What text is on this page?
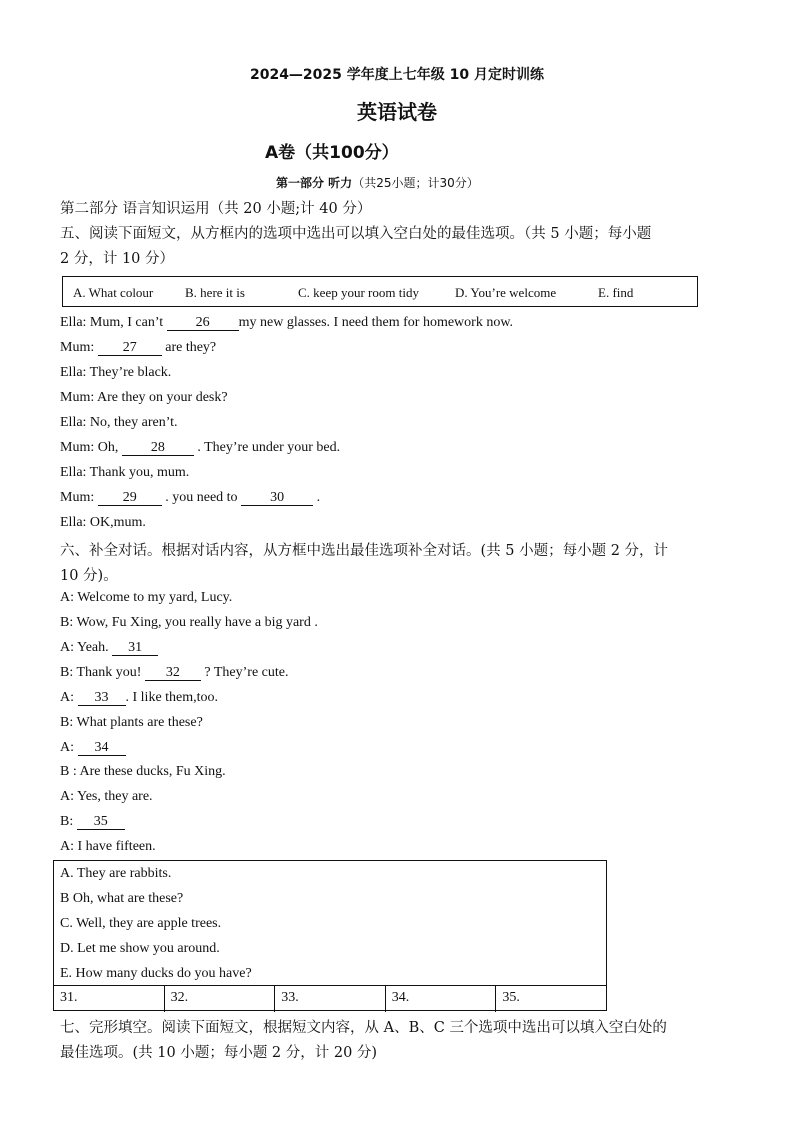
2024—2025 学年度上七年级 10 月定时训练
英语试卷
A卷（共100分）
第一部分 听力（共25小题；计30分）
第二部分 语言知识运用（共 20 小题;计 40 分）
五、阅读下面短文，从方框内的选项中选出可以填入空白处的最佳选项。（共 5 小题；每小题
2 分，计 10 分）
A. What colour B. here it is	C. keep your room tidy	D. You’re welcome	E. find
Ella: Mum, I can’t 26 my new glasses. I need them for homework now.
Mum: 27 are they?
Ella: They’re black.
Mum: Are they on your desk?
Ella: No, they aren’t.
Mum: Oh, 28 . They’re under your bed.
Ella: Thank you, mum.
Mum: 29 . you need to 30 .
Ella: OK,mum.
六、补全对话。根据对话内容，从方框中选出最佳选项补全对话。(共 5 小题；每小题 2 分，计
10 分)。
A: Welcome to my yard, Lucy.
B: Wow, Fu Xing, you really have a big yard .
A: Yeah. 31
B: Thank you! 32 ? They’re cute.
A: 33 . I like them,too.
B: What plants are these?
A: 34
B : Are these ducks, Fu Xing.
A: Yes, they are.
B: 35
A: I have fifteen.
A. They are rabbits.
B Oh, what are these?
C. Well, they are apple trees.
D. Let me show you around.
E. How many ducks do you have?
31.	32.	33.	34.	35.
七、完形填空。阅读下面短文，根据短文内容，从 A、B、C 三个选项中选出可以填入空白处的
最佳选项。(共 10 小题；每小题 2 分，计 20 分)
